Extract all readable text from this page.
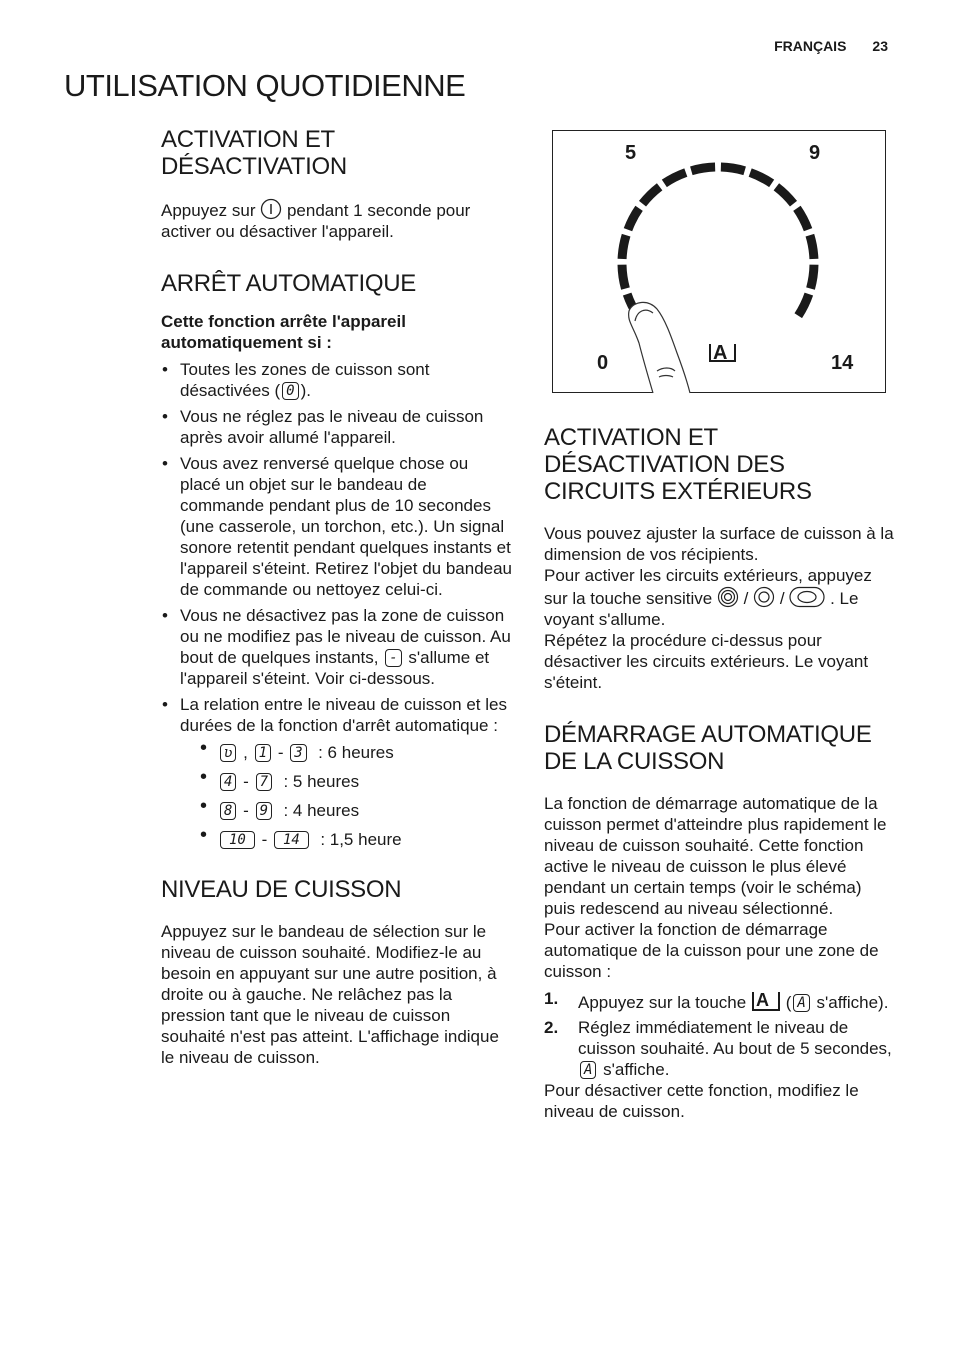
FRANÇAIS 23
UTILISATION QUOTIDIENNE
ACTIVATION ET DÉSACTIVATION

Appuyez sur pendant 1 seconde pour activer ou désactiver l'appareil.

ARRÊT AUTOMATIQUE

Cette fonction arrête l'appareil automatiquement si :

• Toutes les zones de cuisson sont désactivées ( 0 ).
• Vous ne réglez pas le niveau de cuisson après avoir allumé l'appareil.
• Vous avez renversé quelque chose ou placé un objet sur le bandeau de commande pendant plus de 10 secondes (une casserole, un torchon, etc.). Un signal sonore retentit pendant quelques instants et l'appareil s'éteint. Retirez l'objet du bandeau de commande ou nettoyez celui-ci.
• Vous ne désactivez pas la zone de cuisson ou ne modifiez pas le niveau de cuisson. Au bout de quelques instants, - s'allume et l'appareil s'éteint. Voir ci-dessous.
• La relation entre le niveau de cuisson et les durées de la fonction d'arrêt automatique :
• ʋ , 1 - 3 : 6 heures
• 4 - 7 : 5 heures
• 8 - 9 : 4 heures
• 10 - 14 : 1,5 heure
NIVEAU DE CUISSON

Appuyez sur le bandeau de sélection sur le niveau de cuisson souhaité. Modifiez-le au besoin en appuyant sur une autre position, à droite ou à gauche. Ne relâchez pas la pression tant que le niveau de cuisson souhaité n'est pas atteint. L'affichage indique le niveau de cuisson.

5	9
0	14
A
ACTIVATION ET DÉSACTIVATION DES CIRCUITS EXTÉRIEURS

Vous pouvez ajuster la surface de cuisson à la dimension de vos récipients.

Pour activer les circuits extérieurs, appuyez sur la touche sensitive / /	. Le voyant s'allume.

Répétez la procédure ci-dessus pour désactiver les circuits extérieurs. Le voyant s'éteint.

DÉMARRAGE AUTOMATIQUE DE LA CUISSON

La fonction de démarrage automatique de la cuisson permet d'atteindre plus rapidement le niveau de cuisson souhaité. Cette fonction active le niveau de cuisson le plus élevé pendant un certain temps (voir le schéma) puis redescend au niveau sélectionné.

Pour activer la fonction de démarrage automatique de la cuisson pour une zone de cuisson :

1. Appuyez sur la touche A ( A s'affiche).
2. Réglez immédiatement le niveau de cuisson souhaité. Au bout de 5 secondes, A s'affiche.

Pour désactiver cette fonction, modifiez le niveau de cuisson.
